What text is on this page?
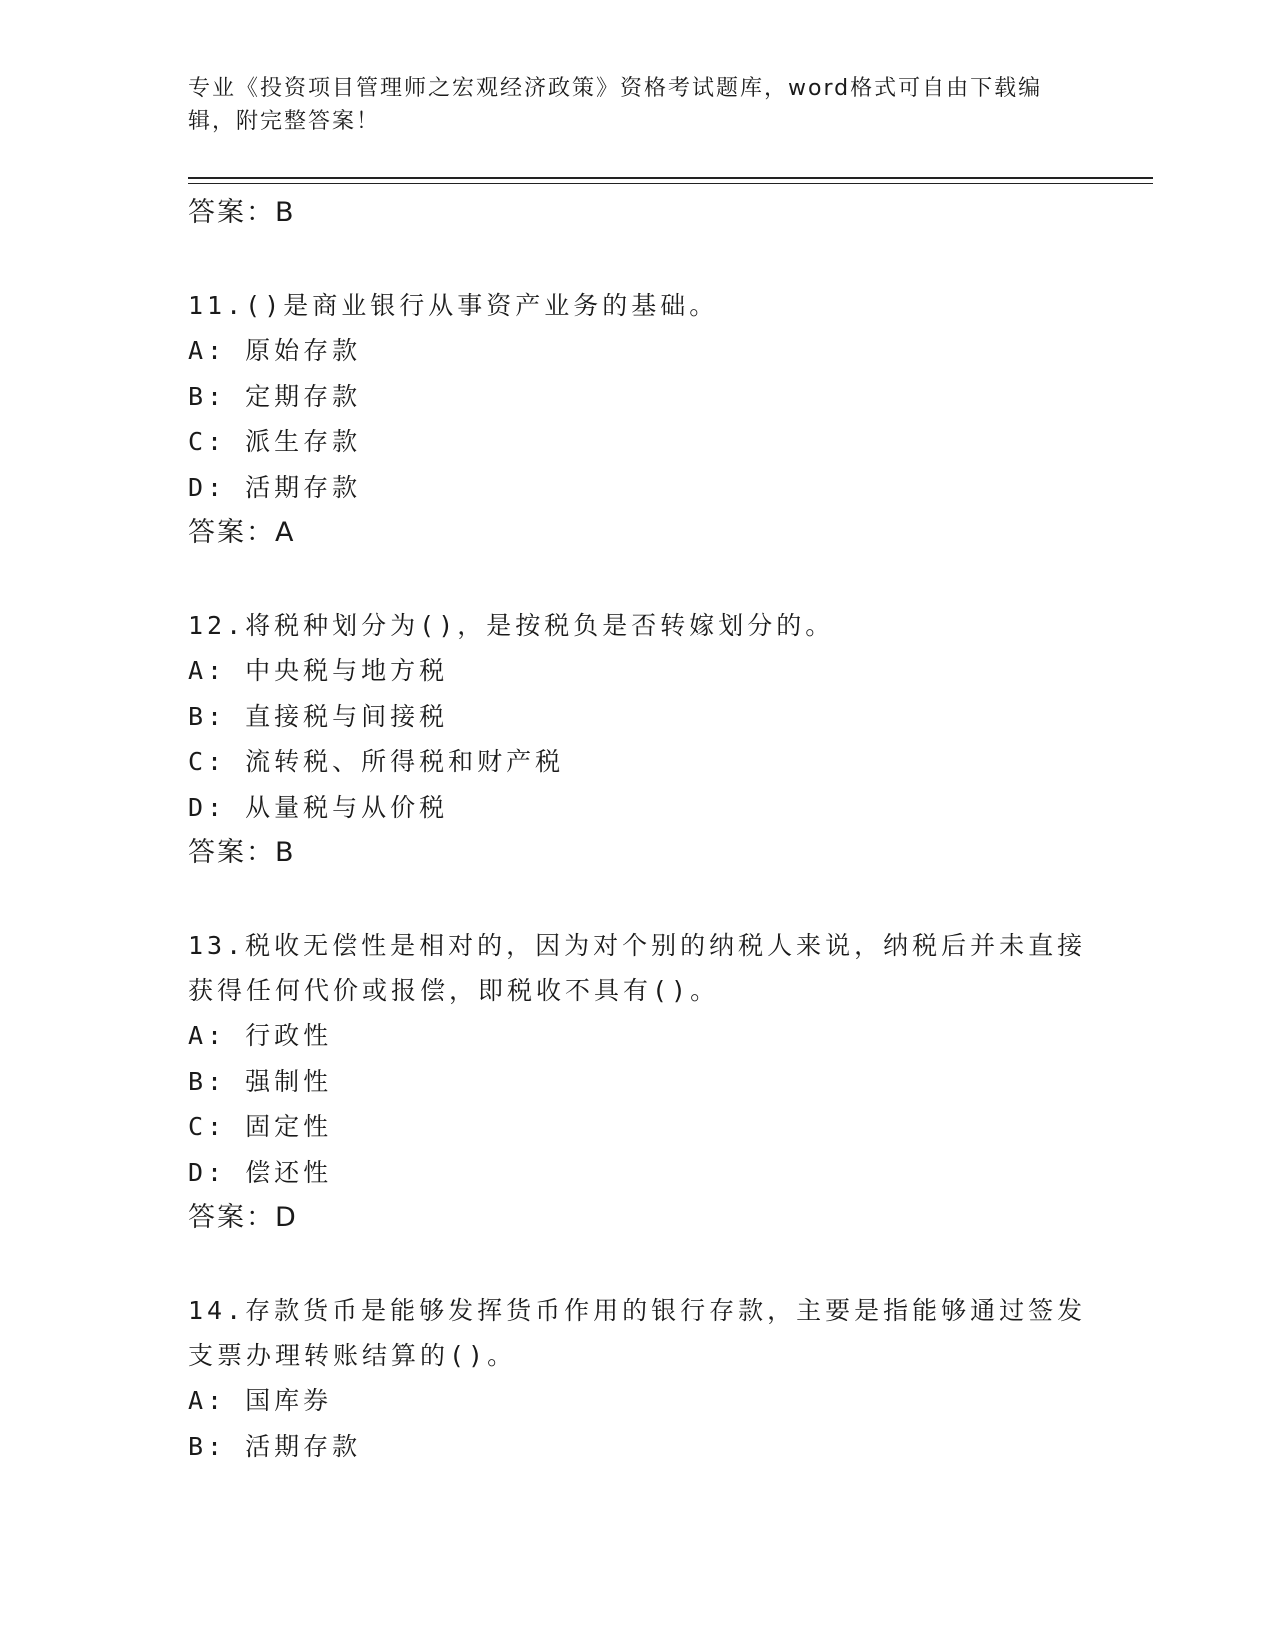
专业《投资项目管理师之宏观经济政策》资格考试题库，word格式可自由下载编辑，附完整答案！
答案：B
11.()是商业银行从事资产业务的基础。
A: 原始存款
B: 定期存款
C: 派生存款
D: 活期存款
答案：A
12.将税种划分为()，是按税负是否转嫁划分的。
A: 中央税与地方税
B: 直接税与间接税
C: 流转税、所得税和财产税
D: 从量税与从价税
答案：B
13.税收无偿性是相对的，因为对个别的纳税人来说，纳税后并未直接获得任何代价或报偿，即税收不具有()。
A: 行政性
B: 强制性
C: 固定性
D: 偿还性
答案：D
14.存款货币是能够发挥货币作用的银行存款，主要是指能够通过签发支票办理转账结算的()。
A: 国库券
B: 活期存款
